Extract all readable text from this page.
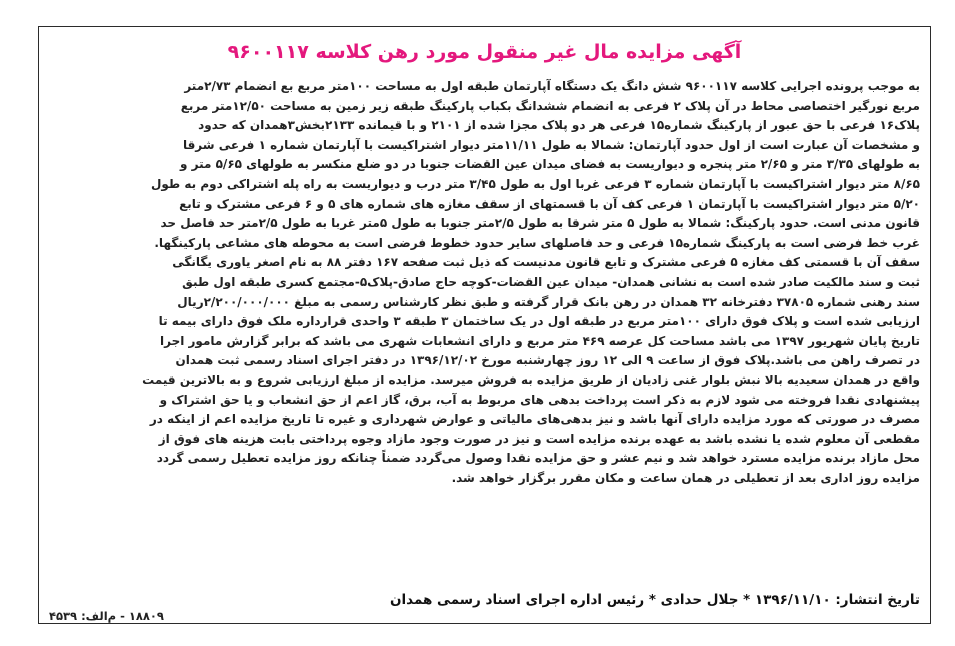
آگهی مزایده مال غیر منقول مورد رهن کلاسه ۹۶۰۰۱۱۷
به موجب پرونده اجرایی کلاسه ۹۶۰۰۱۱۷ شش دانگ یک دستگاه آپارتمان طبقه اول به مساحت ۱۰۰متر مربع بع انضمام ۲/۷۳متر
مربع نورگیر اختصاصی محاط در آن پلاک ۲ فرعی به انضمام ششدانگ بکباب پارکینگ طبقه زیر زمین به مساحت ۱۲/۵۰متر مربع
پلاک۱۶ فرعی با حق عبور از پارکینگ شماره۱۵ فرعی هر دو پلاک مجزا شده از ۲۱۰۱ و با قیمانده ۲۱۳۳بخش۳همدان که حدود
و مشخصات آن عبارت است از اول حدود آپارتمان: شمالا به طول ۱۱/۱۱متر دیوار اشتراکیست با آپارتمان شماره ۱ فرعی شرقا
به طولهای ۳/۳۵ متر و ۲/۶۵ متر پنجره و دیواریست به فضای میدان عین القضات جنوبا در دو ضلع منکسر به طولهای ۵/۶۵ متر و
۸/۶۵ متر دیوار اشتراکیست با آپارتمان شماره ۳ فرعی غربا اول به طول ۳/۴۵ متر درب و دیواریست به راه پله اشتراکی دوم به طول
۵/۲۰ متر دیوار اشتراکیست با آپارتمان ۱ فرعی کف آن با قسمتهای از سقف مغازه های شماره های ۵ و ۶ فرعی مشترک و تابع
قانون مدنی است. حدود پارکینگ: شمالا به طول ۵ متر شرقا به طول ۲/۵متر جنوبا به طول ۵متر غربا به طول ۲/۵متر حد فاصل حد
غرب خط فرضی است به پارکینگ شماره۱۵ فرعی و حد فاصلهای سایر حدود خطوط فرضی است به محوطه های مشاعی پارکینگها.
سقف آن با قسمتی کف مغازه ۵ فرعی مشترک و تابع قانون مدنیست که ذیل ثبت صفحه ۱۶۷ دفتر ۸۸ به نام اصغر یاوری یگانگی
ثبت و سند مالکیت صادر شده است به نشانی همدان- میدان عین القضات-کوچه حاج صادق-پلاک۵-مجتمع کسری طبقه اول طبق
سند رهنی شماره ۳۷۸۰۵ دفترخانه ۳۲ همدان در رهن بانک قرار گرفته و طبق نظر کارشناس رسمی به مبلغ ۲/۲۰۰/۰۰۰/۰۰۰ریال
ارزیابی شده است و پلاک فوق دارای ۱۰۰متر مربع در طبقه اول در یک ساختمان ۳ طبقه ۳ واحدی قرارداره ملک فوق دارای بیمه تا
تاریخ پایان شهریور ۱۳۹۷ می باشد مساحت کل عرصه ۴۶۹ متر مربع و دارای انشعابات شهری می باشد که برابر گزارش مامور اجرا
در تصرف راهن می باشد.پلاک فوق از ساعت ۹ الی ۱۲ روز چهارشنبه مورخ ۱۳۹۶/۱۲/۰۲ در دفتر اجرای اسناد رسمی ثبت همدان
واقع در همدان سعیدیه بالا نبش بلوار غنی زادیان از طریق مزایده به فروش میرسد. مزایده از مبلغ ارزیابی شروع و به بالاترین قیمت
پیشنهادی نقدا فروخته می شود لازم به ذکر است پرداخت بدهی های مربوط به آب، برق، گاز اعم از حق انشعاب و یا حق اشتراک و
مصرف در صورتی که مورد مزایده دارای آنها باشد و نیز بدهی‌های مالیاتی و عوارض شهرداری و غیره تا تاریخ مزایده اعم از اینکه در
مقطعی آن معلوم شده یا نشده باشد به عهده برنده مزایده است و نیز در صورت وجود مازاد وجوه پرداختی بابت هزینه های فوق از
محل مازاد برنده مزایده مسترد خواهد شد و نیم عشر و حق مزایده نقدا وصول می‌گردد ضمناً چنانکه روز مزایده تعطیل رسمی گردد
مزایده روز اداری بعد از تعطیلی در همان ساعت و مکان مقرر برگزار خواهد شد.
تاریخ انتشار: ۱۳۹۶/۱۱/۱۰ * جلال حدادی * رئیس اداره اجرای اسناد رسمی همدان
۱۸۸۰۹ - م‌الف: ۴۵۳۹
